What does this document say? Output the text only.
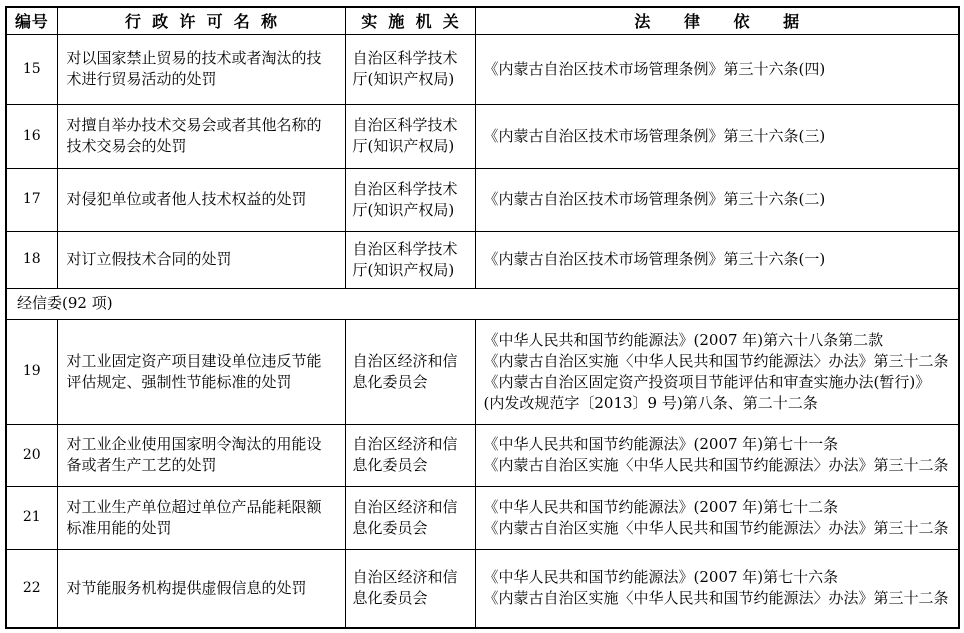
编号	行政许可名称	实施机关	法律依据
15	对以国家禁止贸易的技术或者淘汰的技术进行贸易活动的处罚	自治区科学技术厅(知识产权局)	《内蒙古自治区技术市场管理条例》第三十六条(四)

16	对擅自举办技术交易会或者其他名称的技术交易会的处罚	自治区科学技术厅(知识产权局)	《内蒙古自治区技术市场管理条例》第三十六条(三)

17	对侵犯单位或者他人技术权益的处罚	自治区科学技术厅(知识产权局)	《内蒙古自治区技术市场管理条例》第三十六条(二)

18	对订立假技术合同的处罚	自治区科学技术厅(知识产权局)	《内蒙古自治区技术市场管理条例》第三十六条(一)

经信委(92 项)			
19	对工业固定资产项目建设单位违反节能评估规定、强制性节能标准的处罚	自治区经济和信息化委员会	《中华人民共和国节约能源法》(2007 年)第六十八条第二款
《内蒙古自治区实施〈中华人民共和国节约能源法〉办法》第三十二条
《内蒙古自治区固定资产投资项目节能评估和审查实施办法(暂行)》
(内发改规范字〔2013〕9 号)第八条、第二十二条

20	对工业企业使用国家明令淘汰的用能设备或者生产工艺的处罚	自治区经济和信息化委员会	《中华人民共和国节约能源法》(2007 年)第七十一条
《内蒙古自治区实施〈中华人民共和国节约能源法〉办法》第三十二条

21	对工业生产单位超过单位产品能耗限额标准用能的处罚	自治区经济和信息化委员会	《中华人民共和国节约能源法》(2007 年)第七十二条
《内蒙古自治区实施〈中华人民共和国节约能源法〉办法》第三十二条

22	对节能服务机构提供虚假信息的处罚	自治区经济和信息化委员会	《中华人民共和国节约能源法》(2007 年)第七十六条
《内蒙古自治区实施〈中华人民共和国节约能源法〉办法》第三十二条
